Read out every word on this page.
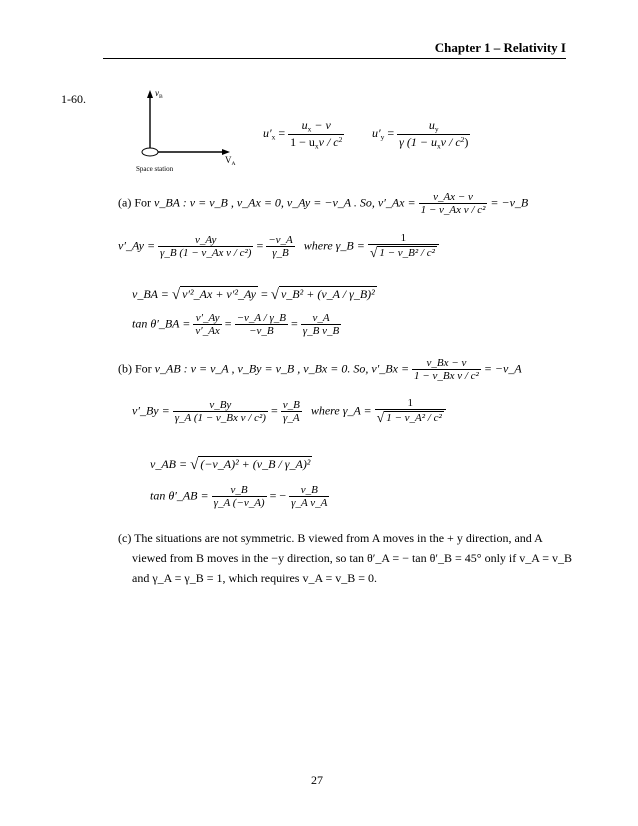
Chapter 1 – Relativity I
1-60.	$v_B$
$V_A$
Space station
$u'_x = \frac{u_x - v}{1 - u_xv / c^2} u'_y = \frac{u_y}{\gamma (1 - u_xv / c^2)}$
(a) For v_BA : v = v_B , v_Ax = 0, v_Ay = −v_A . So, v′_Ax = $\frac{v\_Ax - v}{\text{1 − v\_Ax v / c²}}$ = −v_B
v′_Ay = $\frac{v\_Ay}{\text{γ\_B (1 − v\_Ax v / c²)}} = \frac{-v\_A}{\gamma\_B}$ where γ_B = $\frac{1}{\text{√ 1 − v\_B² / c²}}$
v_BA = √ v′²_Ax + v′²_Ay = √ v_B² + (v_A / γ_B)²
tan θ′_BA = $\frac{v'\_Ay}{v'\_Ax} = \frac{-v\_A / \gamma\_B}{-v\_B} = \frac{v\_A}{\text{γ\_B v\_B}}$
(b) For v_AB : v = v_A , v_By = v_B , v_Bx = 0. So, v′_Bx = $\frac{v\_Bx - v}{\text{1 − v\_Bx v / c²}}$ = −v_A
v′_By = $\frac{v\_By}{\text{γ\_A (1 − v\_Bx v / c²)}} = \frac{v\_B}{\gamma\_A}$ where γ_A = $\frac{1}{\text{√ 1 − v\_A² / c²}}$
v_AB = √ (−v_A)² + (v_B / γ_A)²
tan θ′_AB = $\frac{v\_B}{\gamma\_A (-v\_A)}$ = − $\frac{v\_B}{\text{γ\_A v\_A}}$
(c) The situations are not symmetric. B viewed from A moves in the + y direction, and A
viewed from B moves in the −y direction, so tan θ′_A = − tan θ′_B = 45° only if v_A = v_B
and γ_A = γ_B = 1, which requires v_A = v_B = 0.
27
